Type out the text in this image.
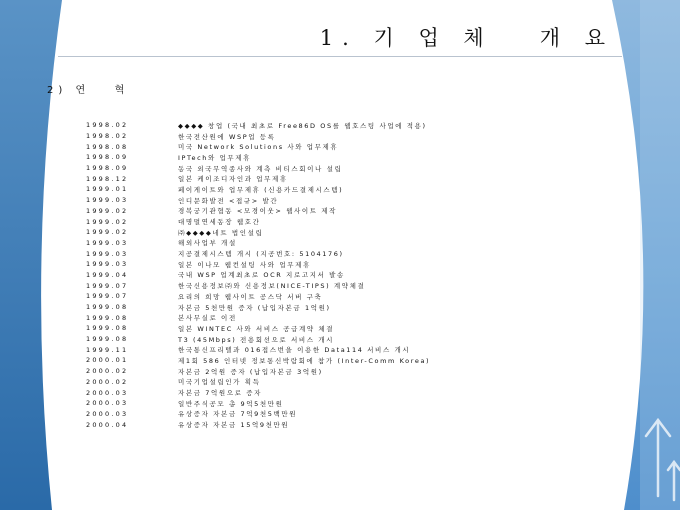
1. 기 업 체   개 요
2) 연   혁
1998.02	◆◆◆◆ 창업 (국내 최초로 Free86D OS를 웹호스팅 사업에 적용)
1998.02	한국전산원에 WSP업 등록
1998.08	미국 Network Solutions 사와 업무제휴
1998.09	IPTech와 업무제휴
1998.09	동국 외국무역종사와 계측 비티스회이나 설립
1998.12	일본 케이조디자인과 업무제휴
1999.01	페이게이트와 업무제휴 (신용카드결제시스템)
1999.03	인디문화발전 <접규> 발간
1999.02	경복궁기관협동 <모경이웃> 웹사이트 제작
1999.02	대명멀연세동장 웹호간
1999.02	㈜◆◆◆◆네트 법인설립
1999.03	해외사업부 개설
1999.03	지공결제시스템 개시 (지공번호: 5104176)
1999.03	일본 이나모 웹컨설팅 사와 업무제휴
1999.04	국내 WSP 업계최초로 OCR 지로고지서 발송
1999.07	한국신용정보㈜와 신용정보(NICE-TIPS) 계약체결
1999.07	요리의 희망 웹사이트 공스닥 서버 구축
1999.08	자본금 5천만원 증자 (납입자본금 1억원)
1999.08	본사무실로 이전
1999.08	일본 WINTEC 사와 서비스 공급계약 체결
1999.08	T3 (45Mbps) 전용회선으로 서비스 개시
1999.11	한국통신프리텔과 016접스번을 이용한 Data114 서비스 개시
2000.01	제1회 586 인터넷 정보통신박람회에 참가 (Inter-Comm Korea)
2000.02	자본금 2억원 증자 (납입자본금 3억원)
2000.02	미국기업설립인가 획득
2000.03	자본금 7억원으로 증자
2000.03	일반주식공모 총 9억5천만원
2000.03	유상증자 자본금 7억9천5백만원
2000.04	유상증자 자본금 15억9천만원
